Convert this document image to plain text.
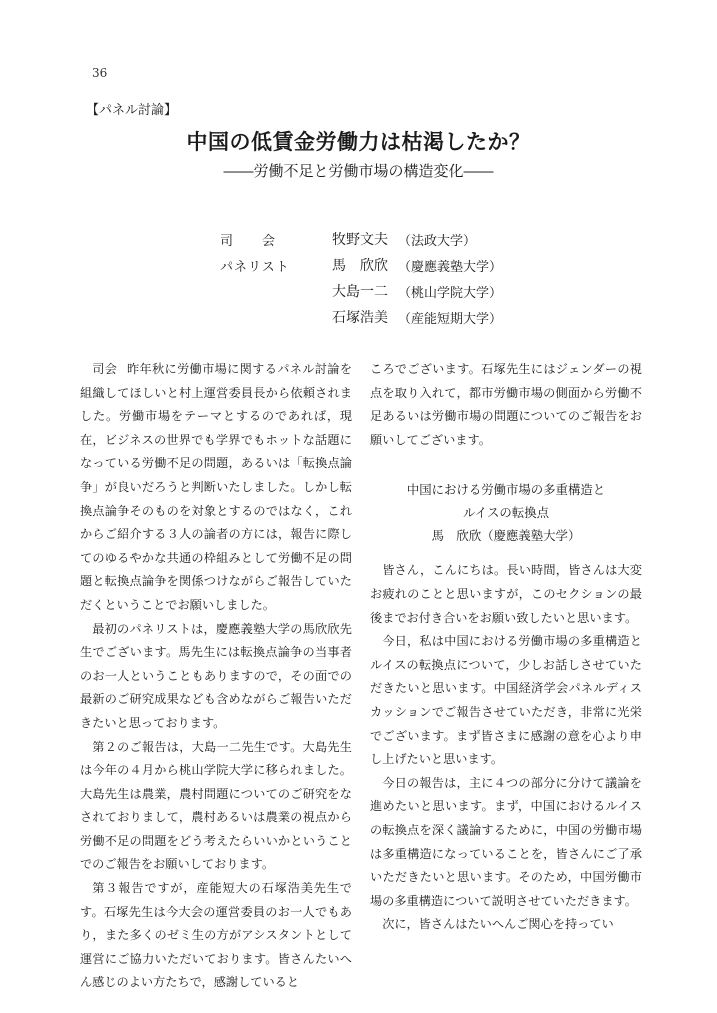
36
【パネル討論】
中国の低賃金労働力は枯渇したか？
――労働不足と労働市場の構造変化――
司　　会	牧野文夫 （法政大学）
パネリスト	馬　欣欣 （慶應義塾大学）
大島一二 （桃山学院大学）
石塚浩美 （産能短期大学）

司会 昨年秋に労働市場に関するパネル討論を組織してほしいと村上運営委員長から依頼されました。労働市場をテーマとするのであれば，現在，ビジネスの世界でも学界でもホットな話題になっている労働不足の問題，あるいは「転換点論争」が良いだろうと判断いたしました。しかし転換点論争そのものを対象とするのではなく，これからご紹介する３人の論者の方には，報告に際してのゆるやかな共通の枠組みとして労働不足の問題と転換点論争を関係つけながらご報告していただくということでお願いしました。

最初のパネリストは，慶應義塾大学の馬欣欣先生でございます。馬先生には転換点論争の当事者のお一人ということもありますので，その面での最新のご研究成果なども含めながらご報告いただきたいと思っております。

第２のご報告は，大島一二先生です。大島先生は今年の４月から桃山学院大学に移られました。大島先生は農業，農村問題についてのご研究をなされておりまして，農村あるいは農業の視点から労働不足の問題をどう考えたらいいかということでのご報告をお願いしております。

第３報告ですが，産能短大の石塚浩美先生です。石塚先生は今大会の運営委員のお一人でもあり，また多くのゼミ生の方がアシスタントとして運営にご協力いただいております。皆さんたいへん感じのよい方たちで，感謝していると

ころでございます。石塚先生にはジェンダーの視点を取り入れて，都市労働市場の側面から労働不足あるいは労働市場の問題についてのご報告をお願いしてございます。

中国における労働市場の多重構造と
ルイスの転換点
馬　欣欣（慶應義塾大学）

皆さん，こんにちは。長い時間，皆さんは大変お疲れのことと思いますが，このセクションの最後までお付き合いをお願い致したいと思います。

今日，私は中国における労働市場の多重構造とルイスの転換点について，少しお話しさせていただきたいと思います。中国経済学会パネルディスカッションでご報告させていただき，非常に光栄でございます。まず皆さまに感謝の意を心より申し上げたいと思います。

今日の報告は，主に４つの部分に分けて議論を進めたいと思います。まず，中国におけるルイスの転換点を深く議論するために，中国の労働市場は多重構造になっていることを，皆さんにご了承いただきたいと思います。そのため，中国労働市場の多重構造について説明させていただきます。

次に，皆さんはたいへんご関心を持ってい
